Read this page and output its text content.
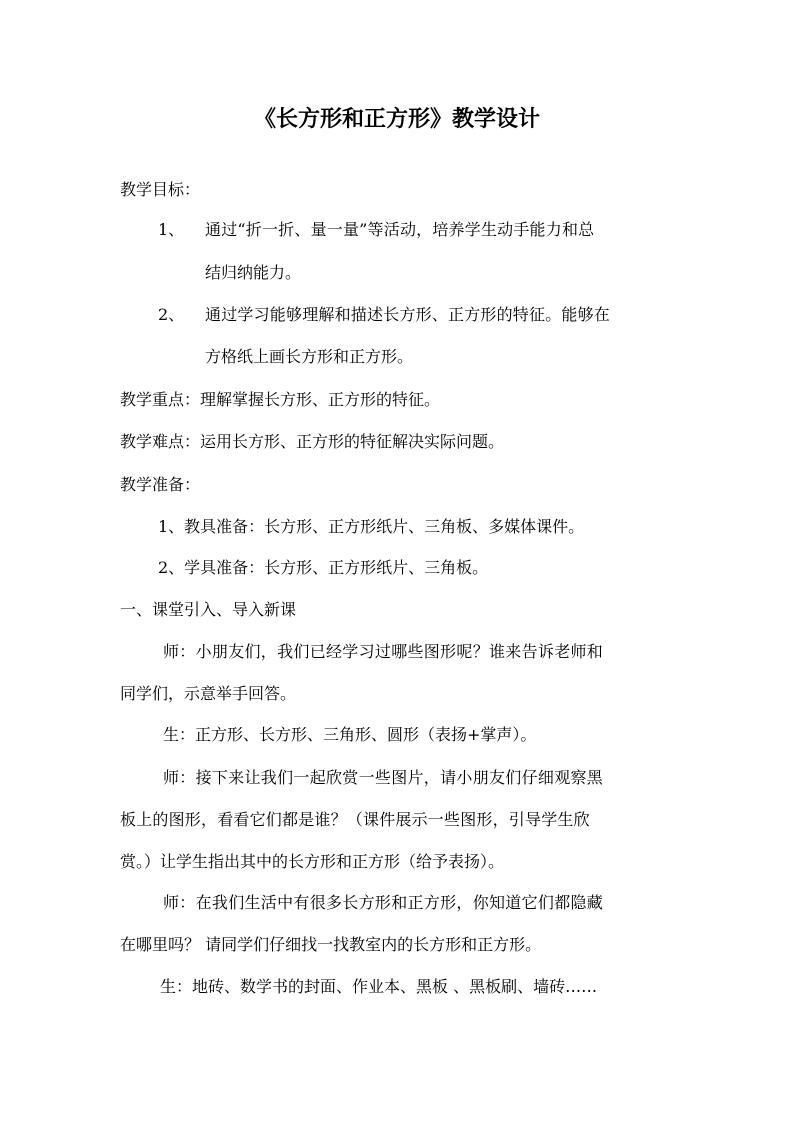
《长方形和正方形》教学设计
教学目标：
1、 通过“折一折、量一量”等活动，培养学生动手能力和总
结归纳能力。
2、 通过学习能够理解和描述长方形、正方形的特征。能够在
方格纸上画长方形和正方形。
教学重点：理解掌握长方形、正方形的特征。
教学难点：运用长方形、正方形的特征解决实际问题。
教学准备：
1、教具准备：长方形、正方形纸片、三角板、多媒体课件。
2、学具准备：长方形、正方形纸片、三角板。
一、课堂引入、导入新课
师：小朋友们，我们已经学习过哪些图形呢？谁来告诉老师和
同学们，示意举手回答。
生：正方形、长方形、三角形、圆形（表扬+掌声）。
师：接下来让我们一起欣赏一些图片，请小朋友们仔细观察黑
板上的图形，看看它们都是谁？（课件展示一些图形，引导学生欣
赏。）让学生指出其中的长方形和正方形（给予表扬）。
师：在我们生活中有很多长方形和正方形，你知道它们都隐藏
在哪里吗？ 请同学们仔细找一找教室内的长方形和正方形。
生：地砖、数学书的封面、作业本、黑板 、黑板刷、墙砖……
